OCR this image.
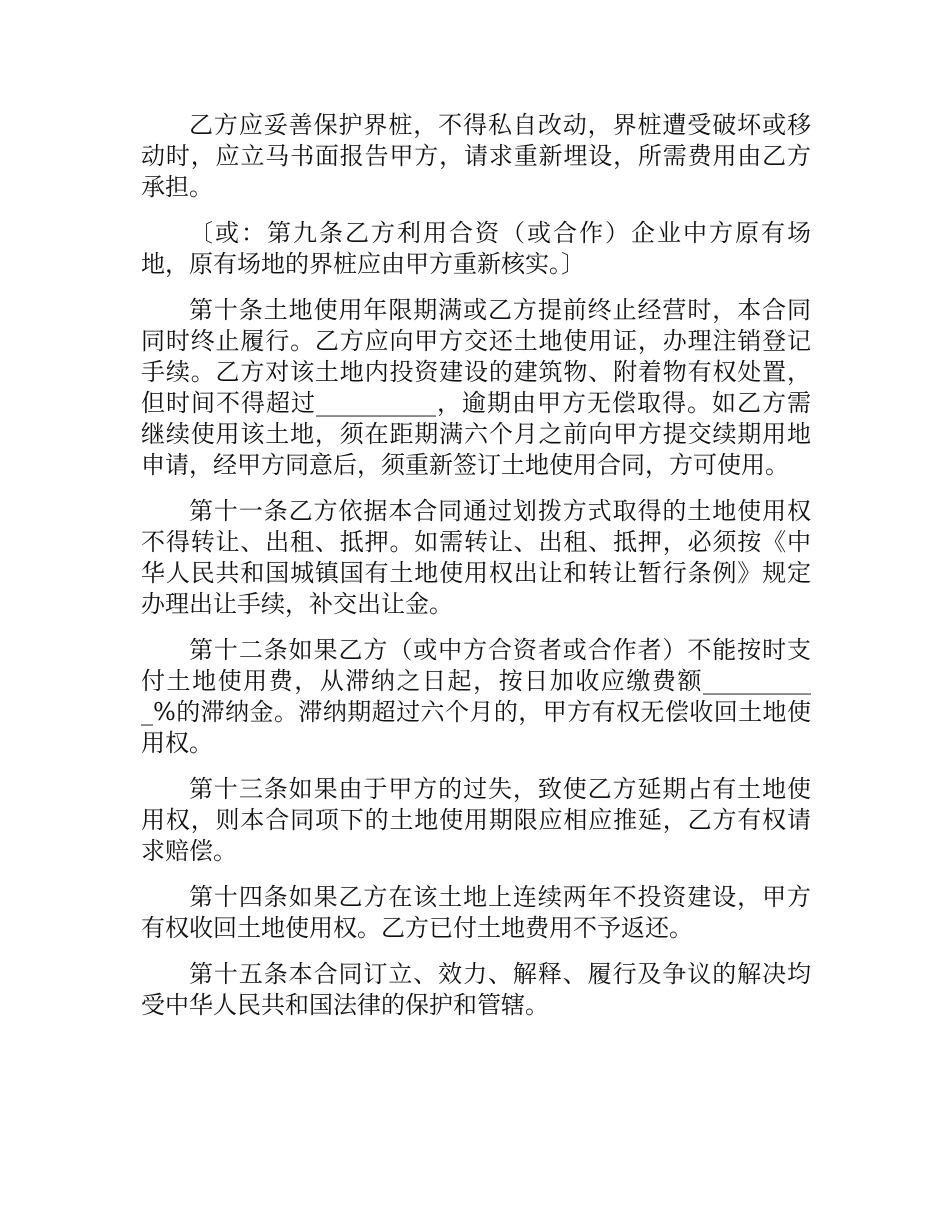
乙方应妥善保护界桩，不得私自改动，界桩遭受破坏或移动时，应立马书面报告甲方，请求重新埋设，所需费用由乙方承担。

〔或：第九条乙方利用合资（或合作）企业中方原有场地，原有场地的界桩应由甲方重新核实。〕

第十条土地使用年限期满或乙方提前终止经营时，本合同同时终止履行。乙方应向甲方交还土地使用证，办理注销登记手续。乙方对该土地内投资建设的建筑物、附着物有权处置，但时间不得超过__________，逾期由甲方无偿取得。如乙方需继续使用该土地，须在距期满六个月之前向甲方提交续期用地申请，经甲方同意后，须重新签订土地使用合同，方可使用。

第十一条乙方依据本合同通过划拨方式取得的土地使用权不得转让、出租、抵押。如需转让、出租、抵押，必须按《中华人民共和国城镇国有土地使用权出让和转让暂行条例》规定办理出让手续，补交出让金。

第十二条如果乙方（或中方合资者或合作者）不能按时支付土地使用费，从滞纳之日起，按日加收应缴费额__________%的滞纳金。滞纳期超过六个月的，甲方有权无偿收回土地使用权。

第十三条如果由于甲方的过失，致使乙方延期占有土地使用权，则本合同项下的土地使用期限应相应推延，乙方有权请求赔偿。

第十四条如果乙方在该土地上连续两年不投资建设，甲方有权收回土地使用权。乙方已付土地费用不予返还。

第十五条本合同订立、效力、解释、履行及争议的解决均受中华人民共和国法律的保护和管辖。
